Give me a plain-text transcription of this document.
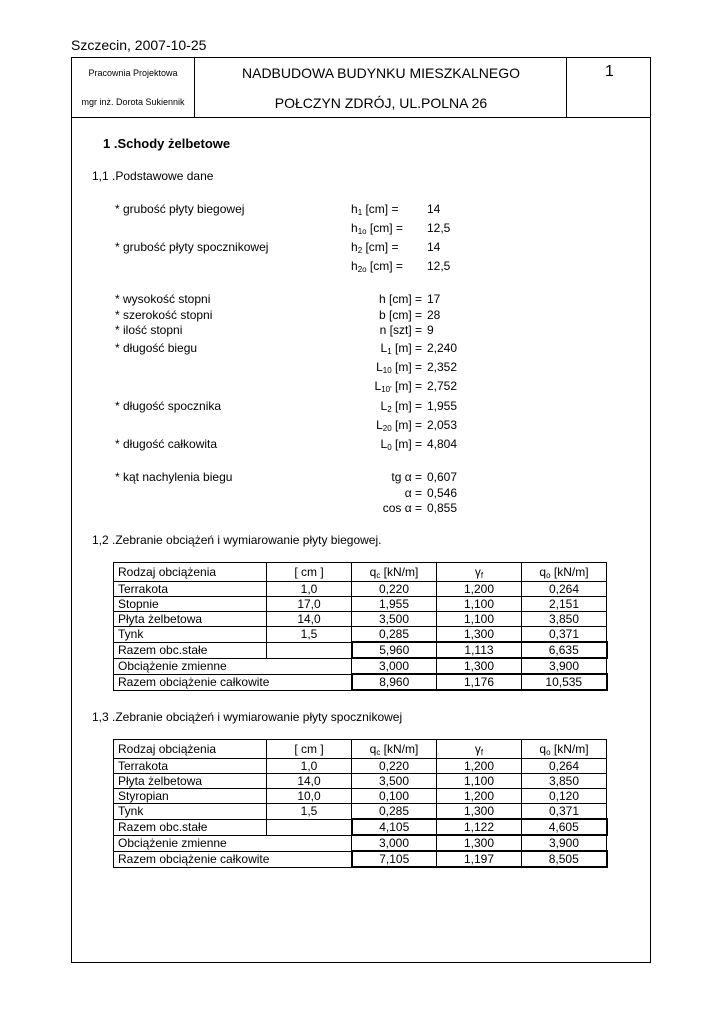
Szczecin, 2007-10-25
Pracownia Projektowa
mgr inż. Dorota Sukiennik
NADBUDOWA BUDYNKU MIESZKALNEGO
POŁCZYN ZDRÓJ, UL.POLNA 26
1
1 .Schody żelbetowe
1,1 .Podstawowe dane
* grubość płyty biegowej	$h_1$ [cm] =	14
$h_{1o}$ [cm] =	12,5
* grubość płyty spocznikowej	$h_2$ [cm] =	14
$h_{2o}$ [cm] =	12,5
* wysokość stopni	h [cm] = 17
* szerokość stopni	b [cm] = 28
* ilość stopni	n [szt] = 9
* długość biegu	$L_1$ [m] = 2,240
$L_{10}$ [m] = 2,352
$L_{10'}$ [m] = 2,752
* długość spocznika	$L_2$ [m] = 1,955
$L_{20}$ [m] = 2,053
* długość całkowita	$L_0$ [m] = 4,804
* kąt nachylenia biegu	tg α = 0,607
α = 0,546
cos α = 0,855
1,2 .Zebranie obciążeń i wymiarowanie płyty biegowej.
Rodzaj obciążenia	[ cm ]	$q_c$ [kN/m]	$\gamma_f$	$q_o$ [kN/m]
Terrakota	1,0	0,220	1,200	0,264
Stopnie	17,0	1,955	1,100	2,151
Płyta żelbetowa	14,0	3,500	1,100	3,850
Tynk	1,5	0,285	1,300	0,371
Razem obc.stałe		5,960	1,113	6,635
Obciążenie zmienne		3,000	1,300	3,900
Razem obciążenie całkowite		8,960	1,176	10,535
1,3 .Zebranie obciążeń i wymiarowanie płyty spocznikowej
Rodzaj obciążenia	[ cm ]	$q_c$ [kN/m]	$\gamma_f$	$q_o$ [kN/m]
Terrakota	1,0	0,220	1,200	0,264
Płyta żelbetowa	14,0	3,500	1,100	3,850
Styropian	10,0	0,100	1,200	0,120
Tynk	1,5	0,285	1,300	0,371
Razem obc.stałe		4,105	1,122	4,605
Obciążenie zmienne		3,000	1,300	3,900
Razem obciążenie całkowite		7,105	1,197	8,505
